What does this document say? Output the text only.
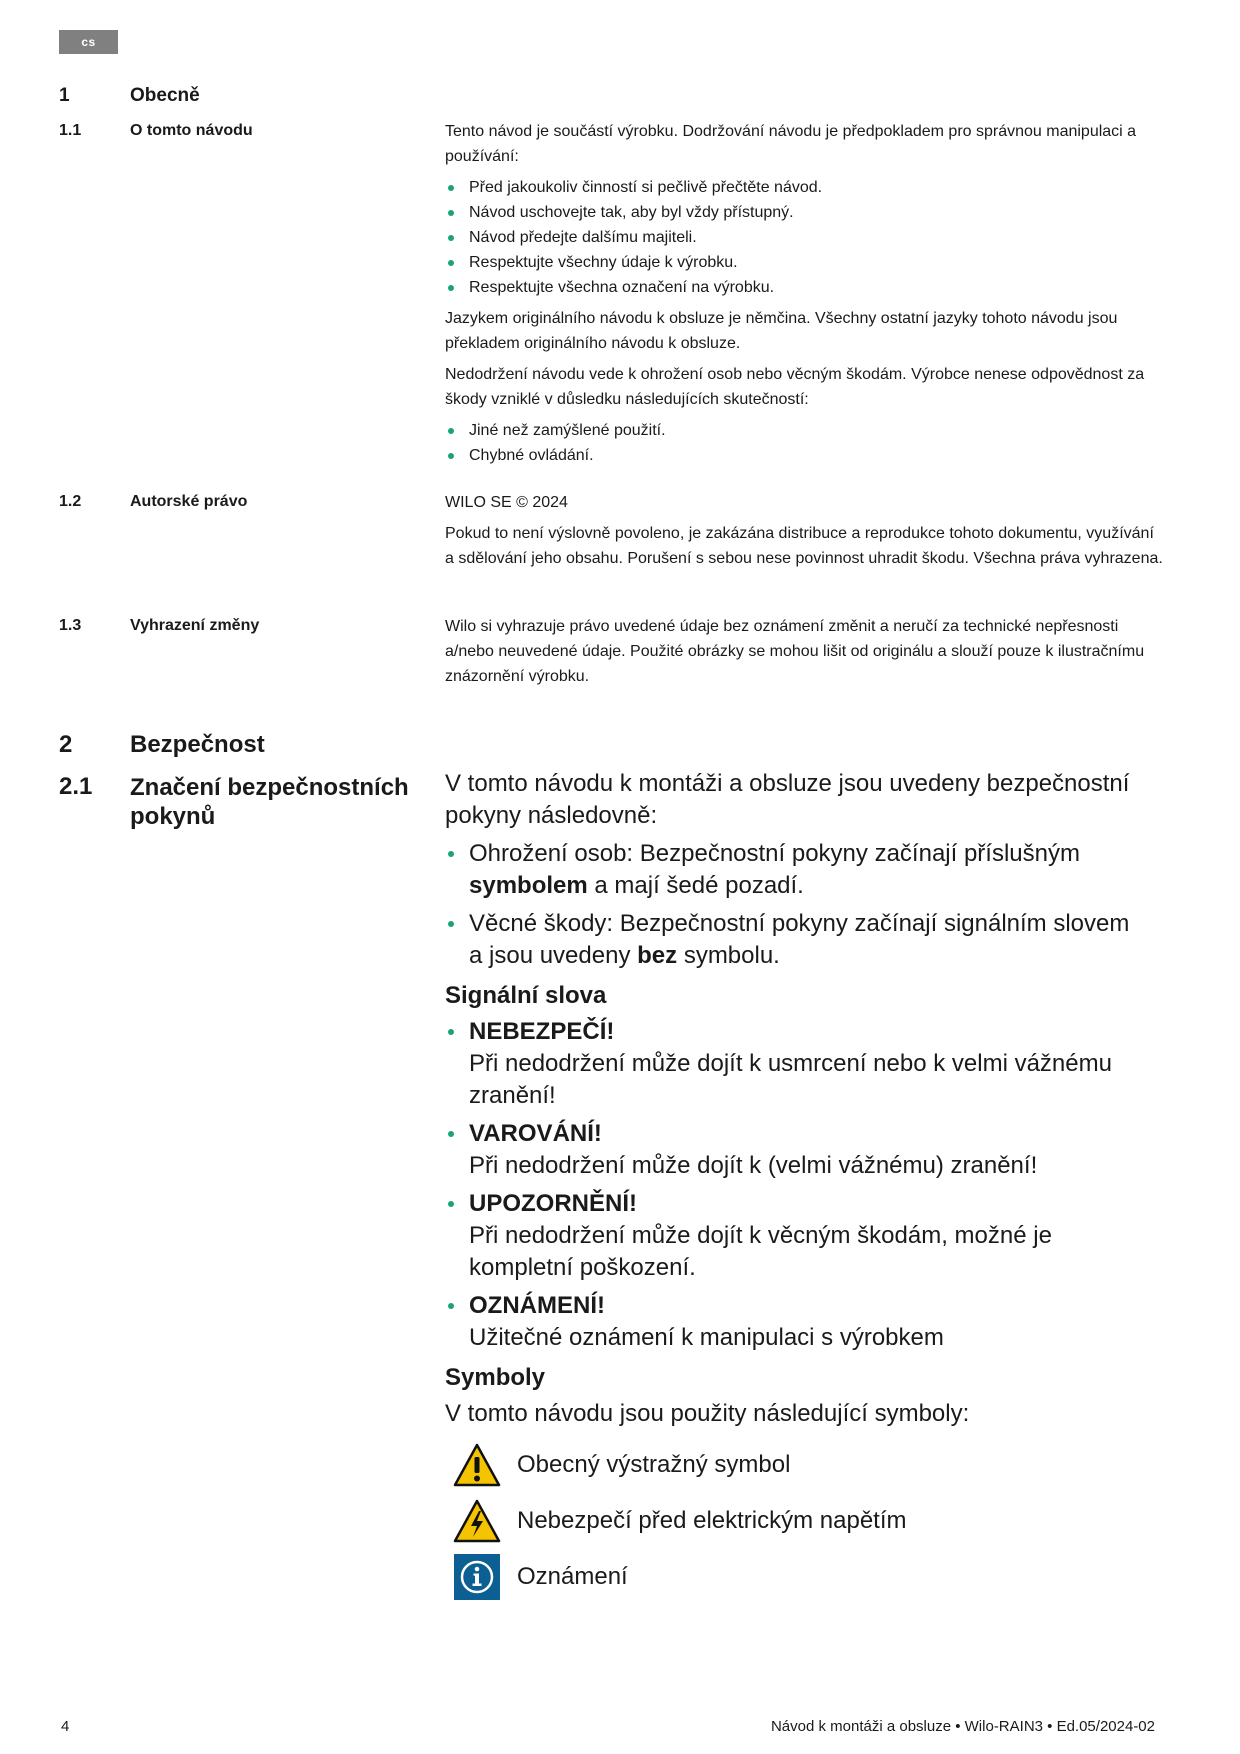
cs
1	Obecně
1.1	O tomto návodu	Tento návod je součástí výrobku. Dodržování návodu je předpokladem pro správnou manipulaci a používání:

Před jakoukoliv činností si pečlivě přečtěte návod.
Návod uschovejte tak, aby byl vždy přístupný.
Návod předejte dalšímu majiteli.
Respektujte všechny údaje k výrobku.
Respektujte všechna označení na výrobku.

Jazykem originálního návodu k obsluze je němčina. Všechny ostatní jazyky tohoto návodu jsou překladem originálního návodu k obsluze.

Nedodržení návodu vede k ohrožení osob nebo věcným škodám. Výrobce nenese odpovědnost za škody vzniklé v důsledku následujících skutečností:

Jiné než zamýšlené použití.
Chybné ovládání.
1.2	Autorské právo	WILO SE © 2024

Pokud to není výslovně povoleno, je zakázána distribuce a reprodukce tohoto dokumentu, využívání a sdělování jeho obsahu. Porušení s sebou nese povinnost uhradit škodu. Všechna práva vyhrazena.

1.3	Vyhrazení změny	Wilo si vyhrazuje právo uvedené údaje bez oznámení změnit a neručí za technické nepřesnosti a/nebo neuvedené údaje. Použité obrázky se mohou lišit od originálu a slouží pouze k ilustračnímu znázornění výrobku.

2 Bezpečnost
2.1 Značení bezpečnostních pokynů

V tomto návodu k montáži a obsluze jsou uvedeny bezpečnostní pokyny následovně:

Ohrožení osob: Bezpečnostní pokyny začínají příslušným symbolem a mají šedé pozadí.
Věcné škody: Bezpečnostní pokyny začínají signálním slovem a jsou uvedeny bez symbolu.
Signální slova
NEBEZPEČÍ!
Při nedodržení může dojít k usmrcení nebo k velmi vážnému zranění!
VAROVÁNÍ!
Při nedodržení může dojít k (velmi vážnému) zranění!
UPOZORNĚNÍ!
Při nedodržení může dojít k věcným škodám, možné je kompletní poškození.
OZNÁMENÍ!
Užitečné oznámení k manipulaci s výrobkem
Symboly

V tomto návodu jsou použity následující symboly:

Obecný výstražný symbol
Nebezpečí před elektrickým napětím
Oznámení
4	Návod k montáži a obsluze • Wilo-RAIN3 • Ed.05/2024-02
